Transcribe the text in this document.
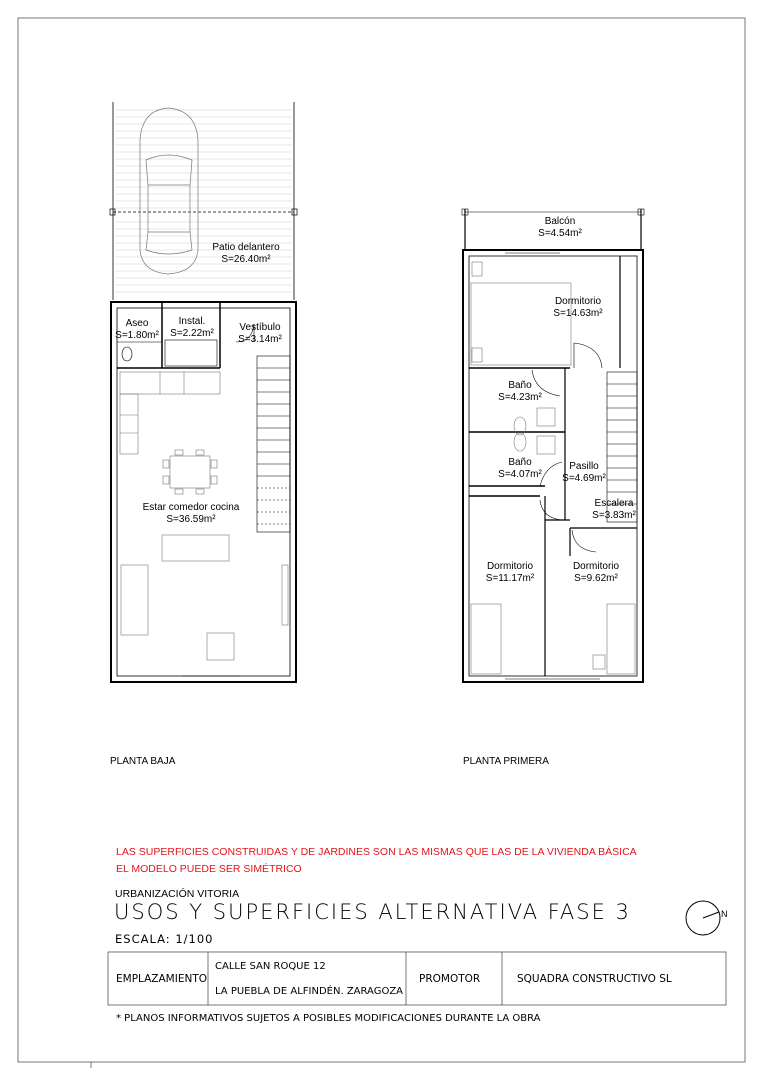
Patio delantero
S=26.40m²
Aseo
S=1.80m²
Instal.
S=2.22m²
Vestíbulo
S=3.14m²
Estar comedor cocina
S=36.59m²
Balcón
S=4.54m²
Dormitorio
S=14.63m²
Baño
S=4.23m²
Baño
S=4.07m²
Pasillo
S=4.69m²
Escalera
S=3.83m²
Dormitorio
S=11.17m²
Dormitorio
S=9.62m²
PLANTA BAJA	PLANTA PRIMERA
LAS SUPERFICIES CONSTRUIDAS Y DE JARDINES SON LAS MISMAS QUE LAS DE LA VIVIENDA BÁSICA
EL MODELO PUEDE SER SIMÉTRICO
URBANIZACIÓN VITORIA
USOS Y SUPERFICIES ALTERNATIVA FASE 3
ESCALA: 1/100
N
EMPLAZAMIENTO
CALLE SAN ROQUE 12
LA PUEBLA DE ALFINDÉN. ZARAGOZA
PROMOTOR	SQUADRA CONSTRUCTIVO SL
* PLANOS INFORMATIVOS SUJETOS A POSIBLES MODIFICACIONES DURANTE LA OBRA
